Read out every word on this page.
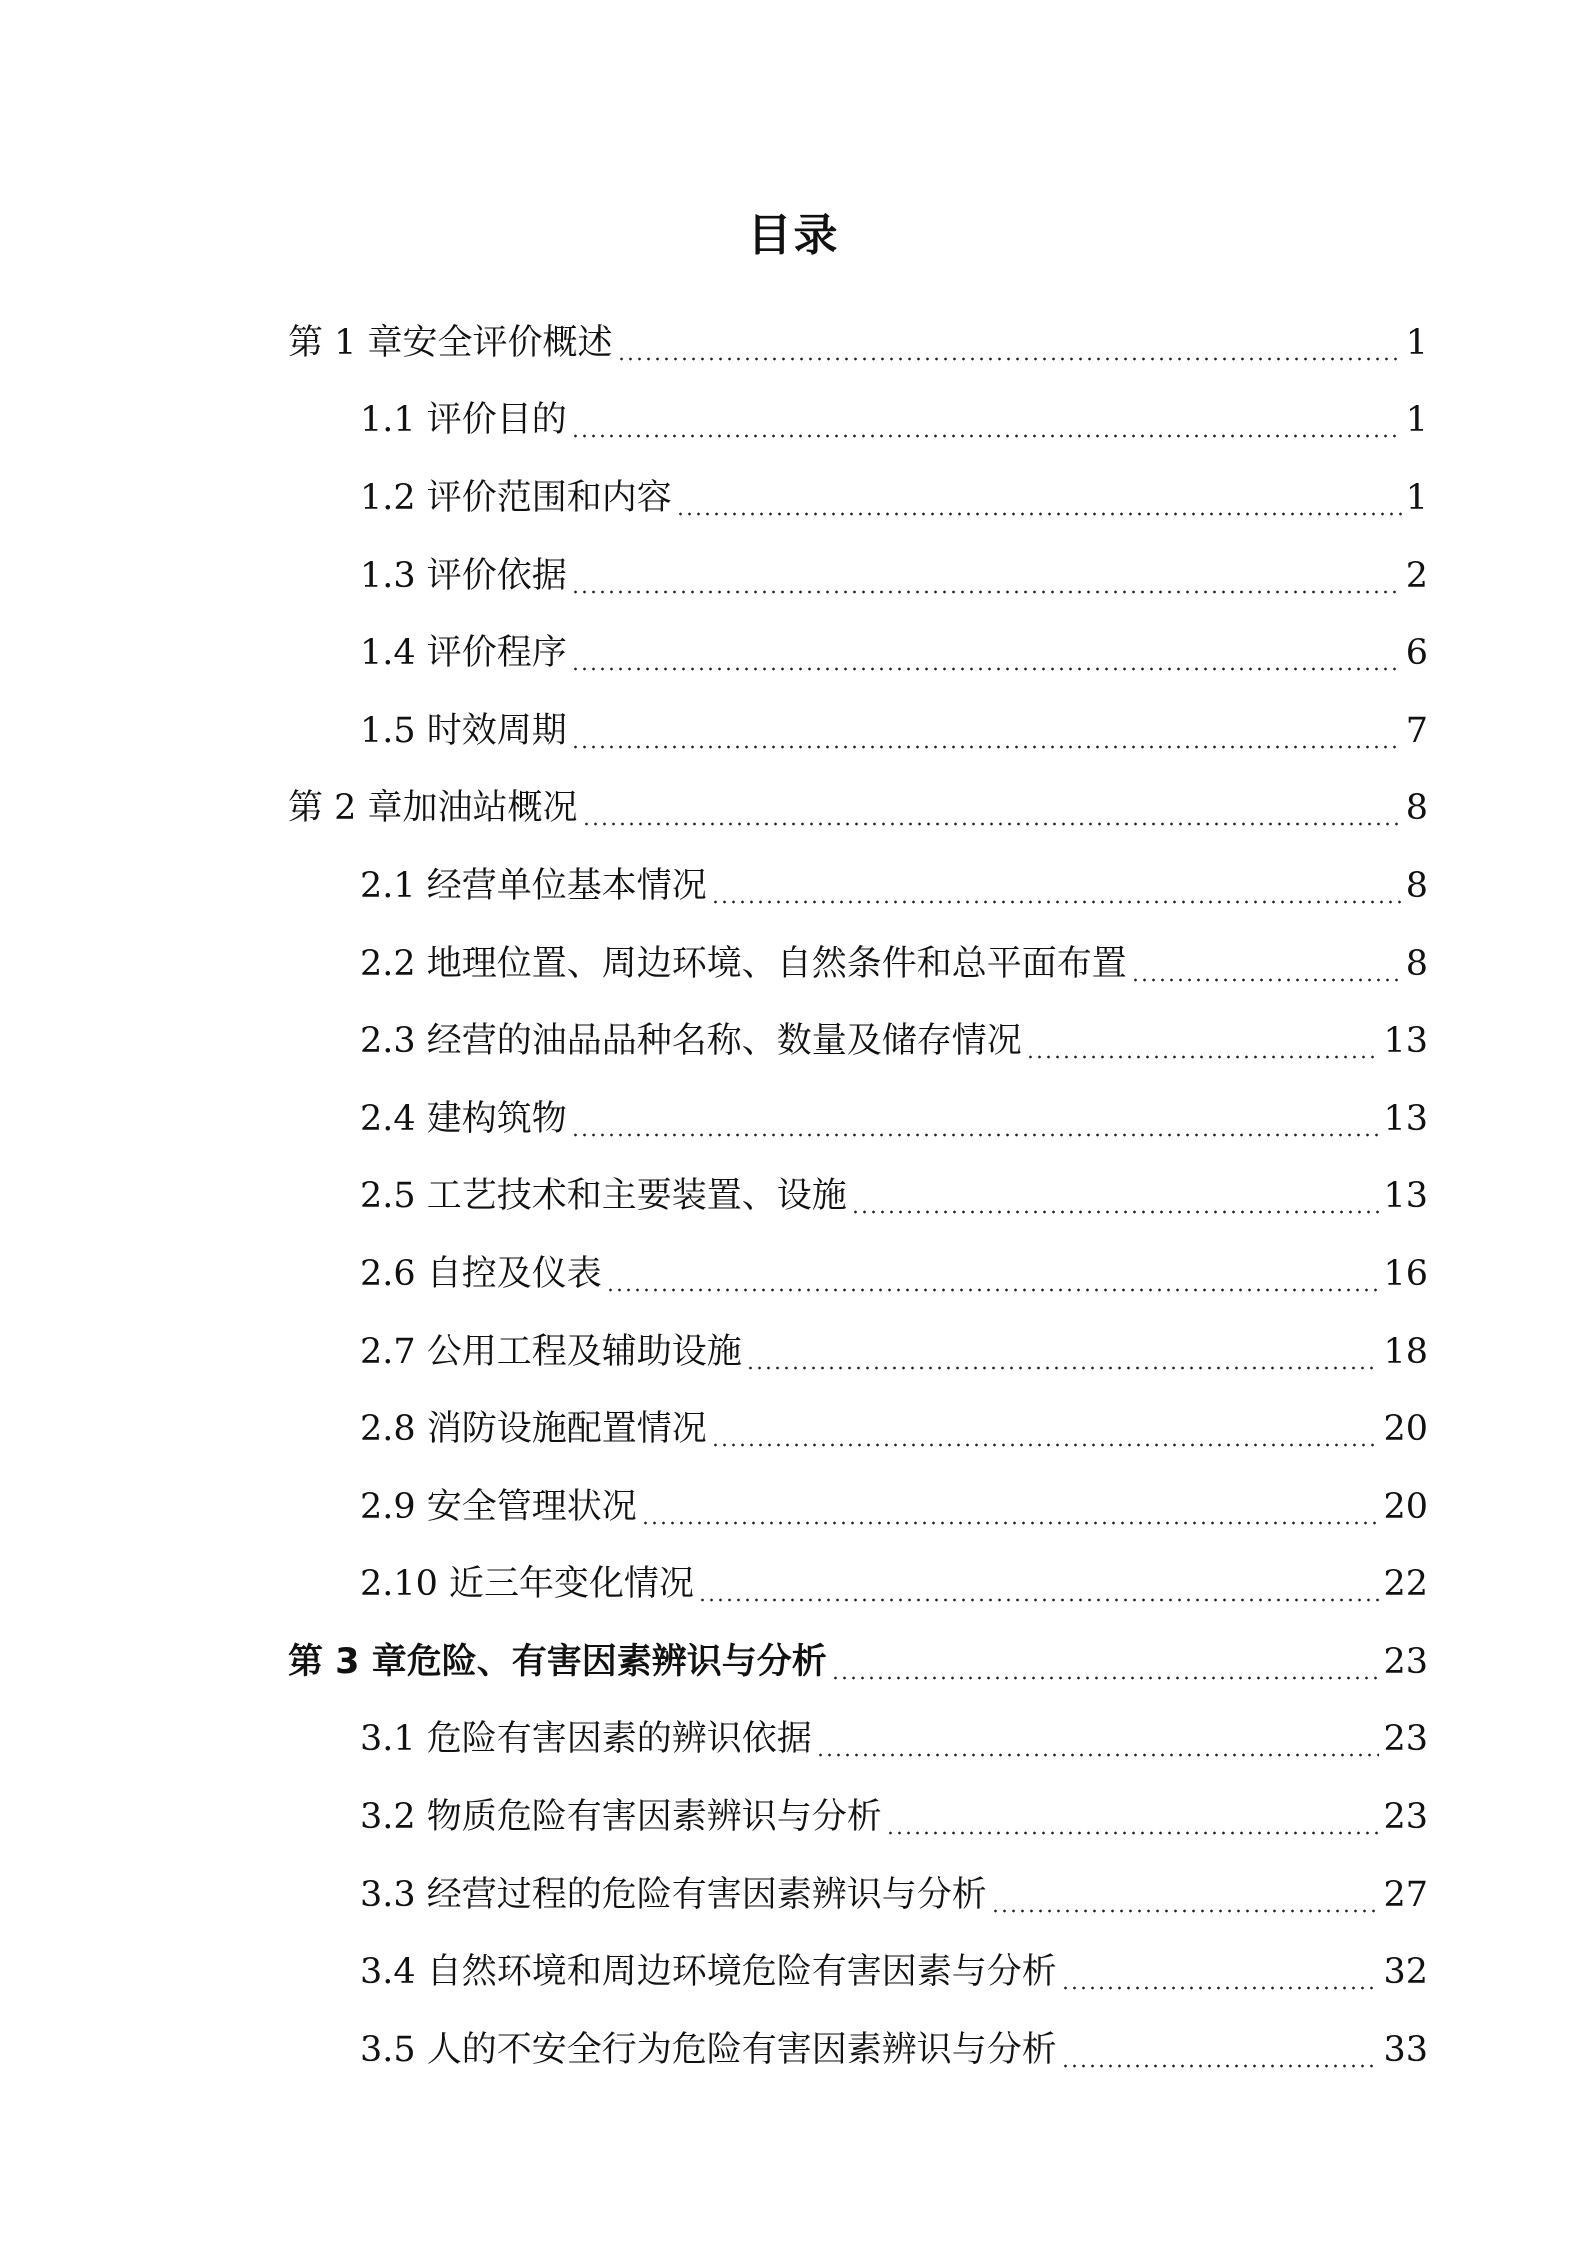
目录
第 1 章安全评价概述	1
1.1 评价目的	1
1.2 评价范围和内容	1
1.3 评价依据	2
1.4 评价程序	6
1.5 时效周期	7
第 2 章加油站概况	8
2.1 经营单位基本情况	8
2.2 地理位置、周边环境、自然条件和总平面布置	8
2.3 经营的油品品种名称、数量及储存情况	13
2.4 建构筑物	13
2.5 工艺技术和主要装置、设施	13
2.6 自控及仪表	16
2.7 公用工程及辅助设施	18
2.8 消防设施配置情况	20
2.9 安全管理状况	20
2.10 近三年变化情况	22
第 3 章危险、有害因素辨识与分析	23
3.1 危险有害因素的辨识依据	23
3.2 物质危险有害因素辨识与分析	23
3.3 经营过程的危险有害因素辨识与分析	27
3.4 自然环境和周边环境危险有害因素与分析	32
3.5 人的不安全行为危险有害因素辨识与分析	33
